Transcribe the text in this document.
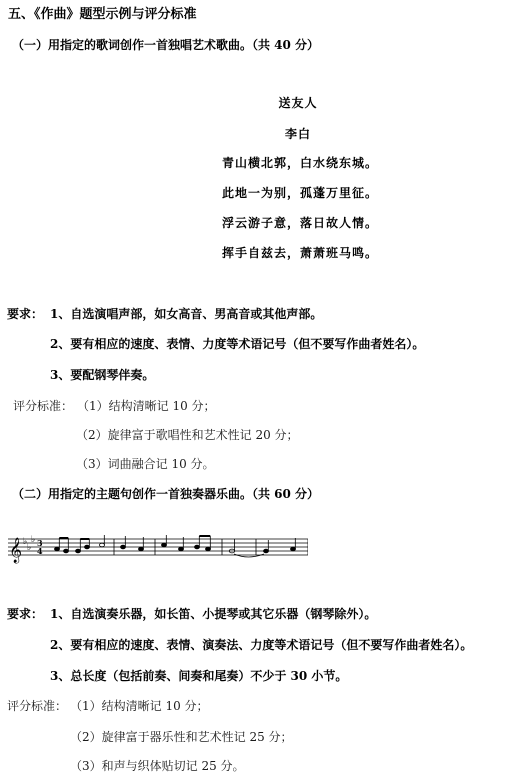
五、《作曲》题型示例与评分标准
（一）用指定的歌词创作一首独唱艺术歌曲。（共 40 分）
送友人
李白
青山横北郭，白水绕东城。
此地一为别，孤蓬万里征。
浮云游子意，落日故人情。
挥手自兹去，萧萧班马鸣。
要求： 1、自选演唱声部，如女高音、男高音或其他声部。
2、要有相应的速度、表情、力度等术语记号（但不要写作曲者姓名）。
3、要配钢琴伴奏。
评分标准： （1）结构清晰记 10 分；
（2）旋律富于歌唱性和艺术性记 20 分；
（3）词曲融合记 10 分。
（二）用指定的主题句创作一首独奏器乐曲。（共 60 分）
𝄞 ♭
♭
♭ 3
4
要求： 1、自选演奏乐器，如长笛、小提琴或其它乐器（钢琴除外）。
2、要有相应的速度、表情、演奏法、力度等术语记号（但不要写作曲者姓名）。
3、总长度（包括前奏、间奏和尾奏）不少于 30 小节。
评分标准： （1）结构清晰记 10 分；
（2）旋律富于器乐性和艺术性记 25 分；
（3）和声与织体贴切记 25 分。
